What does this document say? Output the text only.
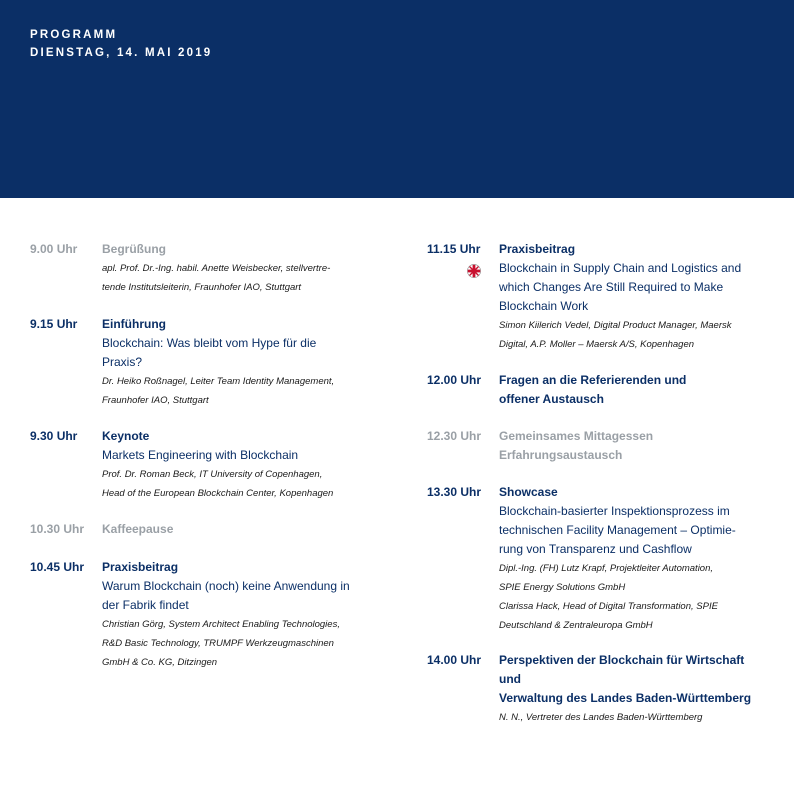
PROGRAMM
DIENSTAG, 14. MAI 2019
9.00 Uhr	Begrüßung
apl. Prof. Dr.-Ing. habil. Anette Weisbecker, stellvertre-
tende Institutsleiterin, Fraunhofer IAO, Stuttgart
9.15 Uhr	Einführung
Blockchain: Was bleibt vom Hype für die
Praxis?
Dr. Heiko Roßnagel, Leiter Team Identity Management,
Fraunhofer IAO, Stuttgart
9.30 Uhr	Keynote
Markets Engineering with Blockchain
Prof. Dr. Roman Beck, IT University of Copenhagen,
Head of the European Blockchain Center, Kopenhagen
10.30 Uhr	Kaffeepause
10.45 Uhr	Praxisbeitrag
Warum Blockchain (noch) keine Anwendung in
der Fabrik findet
Christian Görg, System Architect Enabling Technologies,
R&D Basic Technology, TRUMPF Werkzeugmaschinen
GmbH & Co. KG, Ditzingen
11.15 Uhr	Praxisbeitrag
Blockchain in Supply Chain and Logistics and
which Changes Are Still Required to Make
Blockchain Work
Simon Kiilerich Vedel, Digital Product Manager, Maersk
Digital, A.P. Moller – Maersk A/S, Kopenhagen
12.00 Uhr	Fragen an die Referierenden und
offener Austausch
12.30 Uhr	Gemeinsames Mittagessen
Erfahrungsaustausch
13.30 Uhr	Showcase
Blockchain-basierter Inspektionsprozess im
technischen Facility Management – Optimie-
rung von Transparenz und Cashflow
Dipl.-Ing. (FH) Lutz Krapf, Projektleiter Automation,
SPIE Energy Solutions GmbH
Clarissa Hack, Head of Digital Transformation, SPIE
Deutschland & Zentraleuropa GmbH
14.00 Uhr	Perspektiven der Blockchain für Wirtschaft und
Verwaltung des Landes Baden-Württemberg
N. N., Vertreter des Landes Baden-Württemberg
